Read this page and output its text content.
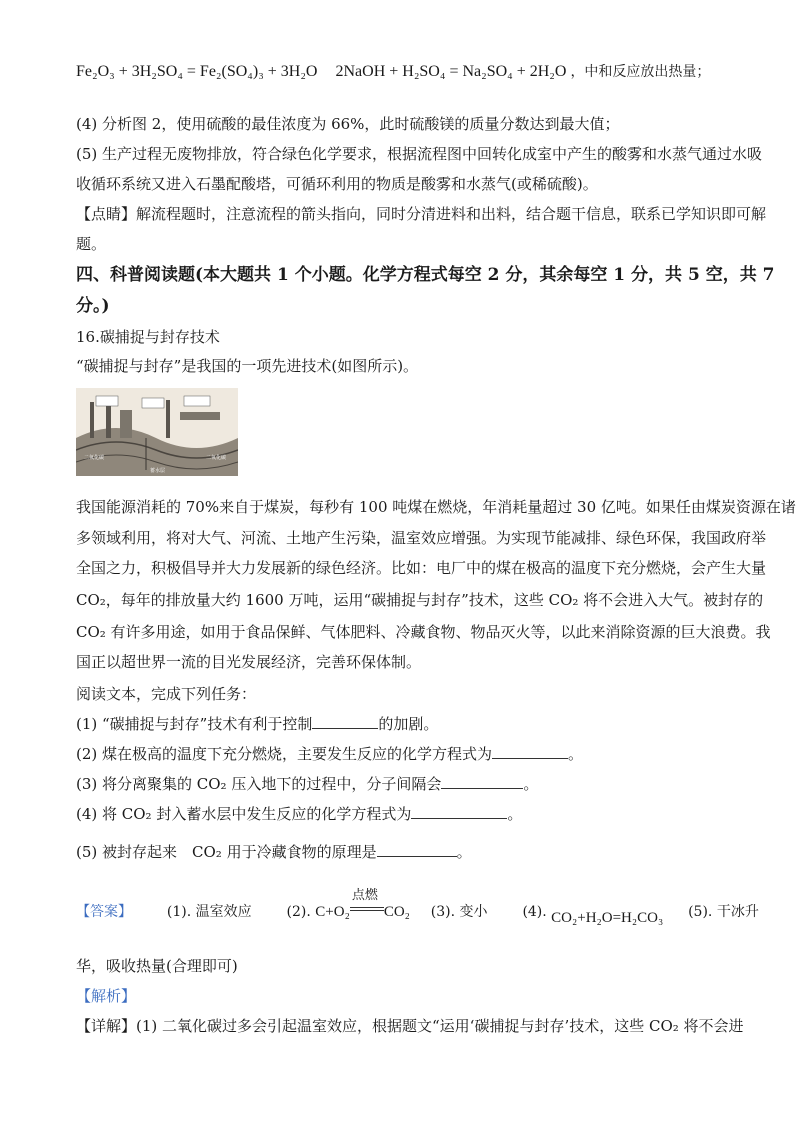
Fe₂O₃ + 3H₂SO₄ = Fe₂(SO₄)₃ + 3H₂O 2NaOH + H₂SO₄ = Na₂SO₄ + 2H₂O ，中和反应放出热量；
(4) 分析图 2，使用硫酸的最佳浓度为 66%，此时硫酸镁的质量分数达到最大值；
(5) 生产过程无废物排放，符合绿色化学要求，根据流程图中回转化成室中产生的酸雾和水蒸气通过水吸
收循环系统又进入石墨配酸塔，可循环利用的物质是酸雾和水蒸气(或稀硫酸)。
【点睛】解流程题时，注意流程的箭头指向，同时分清进料和出料，结合题干信息，联系已学知识即可解
题。
四、科普阅读题(本大题共 1 个小题。化学方程式每空 2 分，其余每空 1 分，共 5 空，共 7
分。)
16.碳捕捉与封存技术
“碳捕捉与封存”是我国的一项先进技术(如图所示)。
二氧化碳	二氧化碳
蓄水层
我国能源消耗的 70%来自于煤炭，每秒有 100 吨煤在燃烧，年消耗量超过 30 亿吨。如果任由煤炭资源在诸
多领域利用，将对大气、河流、土地产生污染，温室效应增强。为实现节能减排、绿色环保，我国政府举
全国之力，积极倡导并大力发展新的绿色经济。比如：电厂中的煤在极高的温度下充分燃烧，会产生大量
CO₂，每年的排放量大约 1600 万吨，运用“碳捕捉与封存”技术，这些 CO₂ 将不会进入大气。被封存的
CO₂ 有许多用途，如用于食品保鲜、气体肥料、冷藏食物、物品灭火等，以此来消除资源的巨大浪费。我
国正以超世界一流的目光发展经济，完善环保体制。
阅读文本，完成下列任务：
(1) “碳捕捉与封存”技术有利于控制	的加剧。
(2) 煤在极高的温度下充分燃烧，主要发生反应的化学方程式为	。
(3) 将分离聚集的 CO₂ 压入地下的过程中，分子间隔会	。
(4) 将 CO₂ 封入蓄水层中发生反应的化学方程式为	。
(5) 被封存起来　CO₂ 用于冷藏食物的原理是	。
【答案】 (1). 温室效应 (2). C+O₂
点燃
CO₂ (3). 变小 (4). CO₂+H₂O=H₂CO₃ (5). 干冰升
华，吸收热量(合理即可)
【解析】
【详解】(1) 二氧化碳过多会引起温室效应，根据题文“运用‘碳捕捉与封存’技术，这些 CO₂ 将不会进
